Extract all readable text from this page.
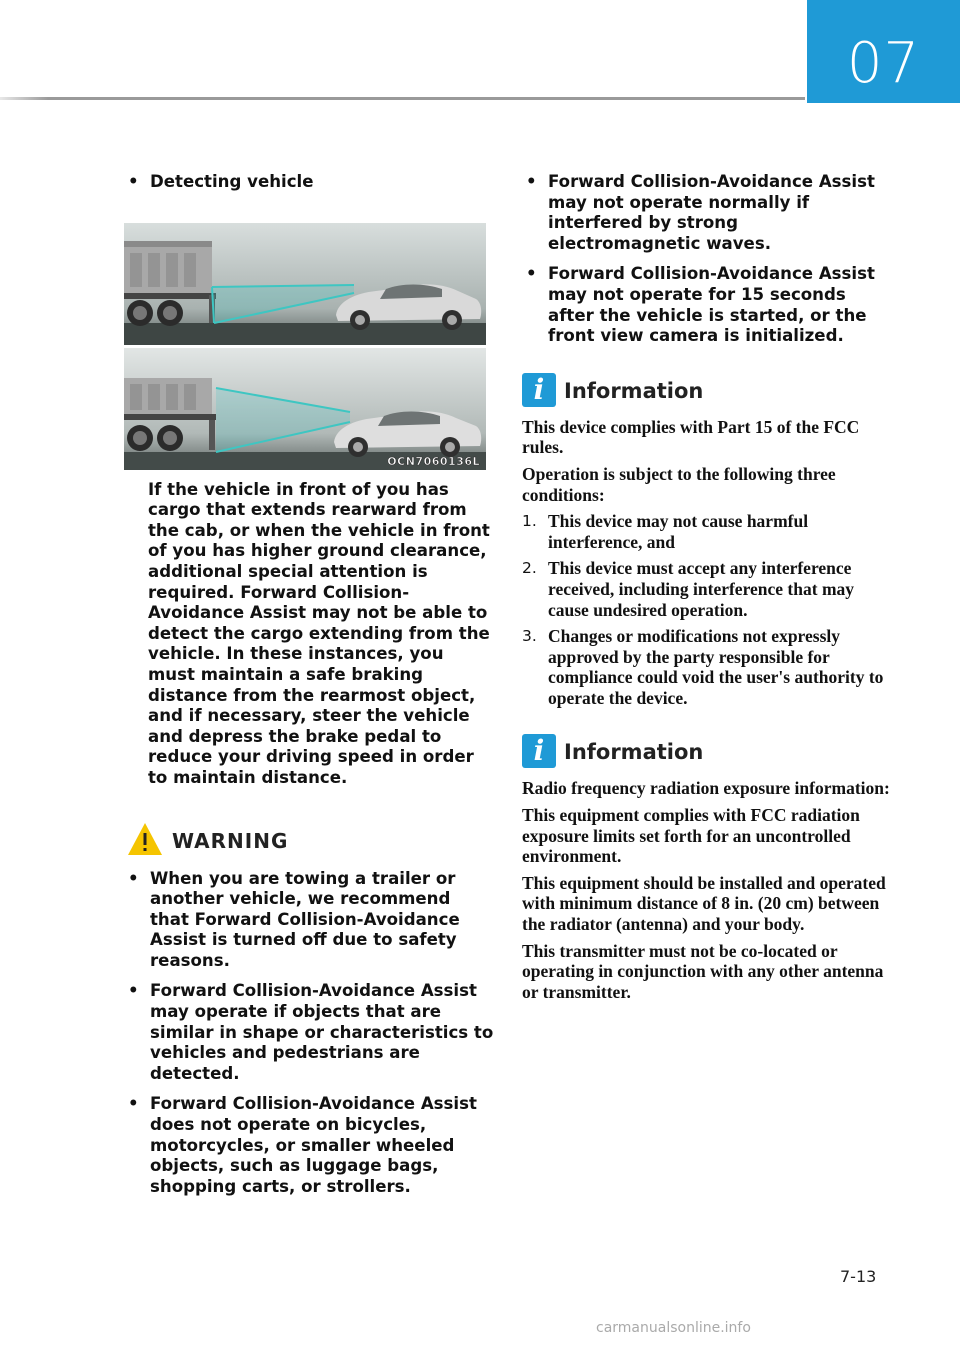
07
• Detecting vehicle
OCN7060136L
If the vehicle in front of you has cargo that extends rearward from the cab, or when the vehicle in front of you has higher ground clearance, additional special attention is required. Forward Collision-Avoidance Assist may not be able to detect the cargo extending from the vehicle. In these instances, you must maintain a safe braking distance from the rearmost object, and if necessary, steer the vehicle and depress the brake pedal to reduce your driving speed in order to maintain distance.
WARNING
• When you are towing a trailer or another vehicle, we recommend that Forward Collision-Avoidance Assist is turned off due to safety reasons.
• Forward Collision-Avoidance Assist may operate if objects that are similar in shape or characteristics to vehicles and pedestrians are detected.
• Forward Collision-Avoidance Assist does not operate on bicycles, motorcycles, or smaller wheeled objects, such as luggage bags, shopping carts, or strollers.
• Forward Collision-Avoidance Assist may not operate normally if interfered by strong electromagnetic waves.
• Forward Collision-Avoidance Assist may not operate for 15 seconds after the vehicle is started, or the front view camera is initialized.
i Information

This device complies with Part 15 of the FCC rules.

Operation is subject to the following three conditions:

1. This device may not cause harmful interference, and
2. This device must accept any interference received, including interference that may cause undesired operation.
3. Changes or modifications not expressly approved by the party responsible for compliance could void the user's authority to operate the device.
i Information

Radio frequency radiation exposure information:

This equipment complies with FCC radiation exposure limits set forth for an uncontrolled environment.

This equipment should be installed and operated with minimum distance of 8 in. (20 cm) between the radiator (antenna) and your body.

This transmitter must not be co-located or operating in conjunction with any other antenna or transmitter.

7-13
carmanualsonline.info
